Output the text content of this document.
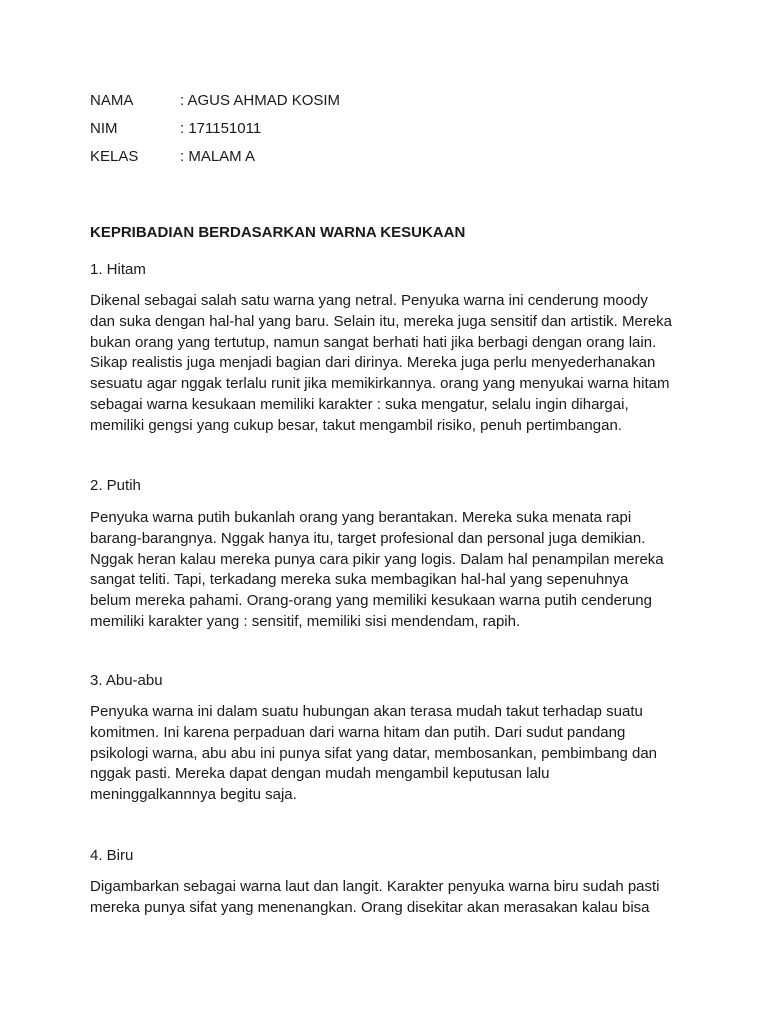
NAMA	: AGUS AHMAD KOSIM
NIM	: 171151011
KELAS	: MALAM A
KEPRIBADIAN BERDASARKAN WARNA KESUKAAN

1. Hitam

Dikenal sebagai salah satu warna yang netral. Penyuka warna ini cenderung moody
dan suka dengan hal-hal yang baru. Selain itu, mereka juga sensitif dan artistik. Mereka
bukan orang yang tertutup, namun sangat berhati hati jika berbagi dengan orang lain.
Sikap realistis juga menjadi bagian dari dirinya. Mereka juga perlu menyederhanakan
sesuatu agar nggak terlalu runit jika memikirkannya. orang yang menyukai warna hitam
sebagai warna kesukaan memiliki karakter : suka mengatur, selalu ingin dihargai,
memiliki gengsi yang cukup besar, takut mengambil risiko, penuh pertimbangan.

2. Putih

Penyuka warna putih bukanlah orang yang berantakan. Mereka suka menata rapi
barang-barangnya. Nggak hanya itu, target profesional dan personal juga demikian.
Nggak heran kalau mereka punya cara pikir yang logis. Dalam hal penampilan mereka
sangat teliti. Tapi, terkadang mereka suka membagikan hal-hal yang sepenuhnya
belum mereka pahami. Orang-orang yang memiliki kesukaan warna putih cenderung
memiliki karakter yang : sensitif, memiliki sisi mendendam, rapih.

3. Abu-abu

Penyuka warna ini dalam suatu hubungan akan terasa mudah takut terhadap suatu
komitmen. Ini karena perpaduan dari warna hitam dan putih. Dari sudut pandang
psikologi warna, abu abu ini punya sifat yang datar, membosankan, pembimbang dan
nggak pasti. Mereka dapat dengan mudah mengambil keputusan lalu
meninggalkannnya begitu saja.

4. Biru

Digambarkan sebagai warna laut dan langit. Karakter penyuka warna biru sudah pasti
mereka punya sifat yang menenangkan. Orang disekitar akan merasakan kalau bisa
